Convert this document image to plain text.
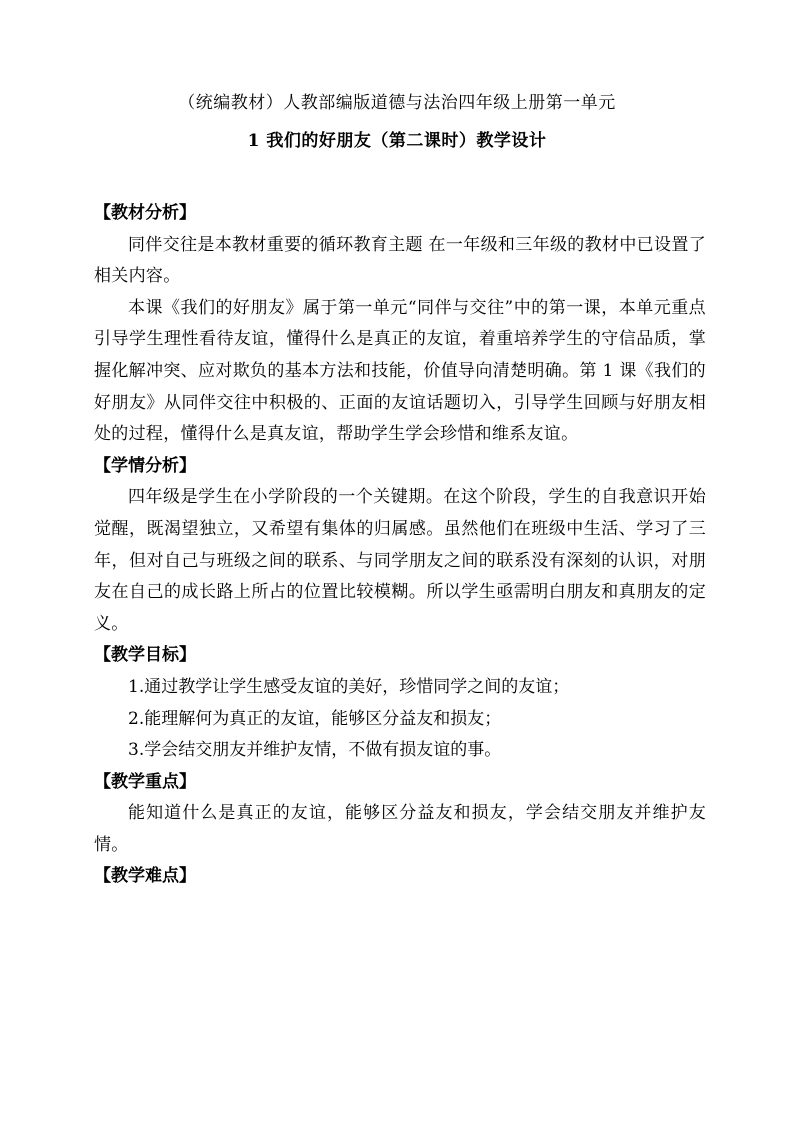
（统编教材）人教部编版道德与法治四年级上册第一单元
1 我们的好朋友（第二课时）教学设计

【教材分析】

同伴交往是本教材重要的循环教育主题 在一年级和三年级的教材中已设置了相关内容。

本课《我们的好朋友》属于第一单元“同伴与交往”中的第一课，本单元重点引导学生理性看待友谊，懂得什么是真正的友谊，着重培养学生的守信品质，掌握化解冲突、应对欺负的基本方法和技能，价值导向清楚明确。第 1 课《我们的好朋友》从同伴交往中积极的、正面的友谊话题切入，引导学生回顾与好朋友相处的过程，懂得什么是真友谊，帮助学生学会珍惜和维系友谊。

【学情分析】

四年级是学生在小学阶段的一个关键期。在这个阶段，学生的自我意识开始觉醒，既渴望独立，又希望有集体的归属感。虽然他们在班级中生活、学习了三年，但对自己与班级之间的联系、与同学朋友之间的联系没有深刻的认识，对朋友在自己的成长路上所占的位置比较模糊。所以学生亟需明白朋友和真朋友的定义。

【教学目标】

1.通过教学让学生感受友谊的美好，珍惜同学之间的友谊；

2.能理解何为真正的友谊，能够区分益友和损友；

3.学会结交朋友并维护友情，不做有损友谊的事。

【教学重点】

能知道什么是真正的友谊，能够区分益友和损友，学会结交朋友并维护友情。

【教学难点】
